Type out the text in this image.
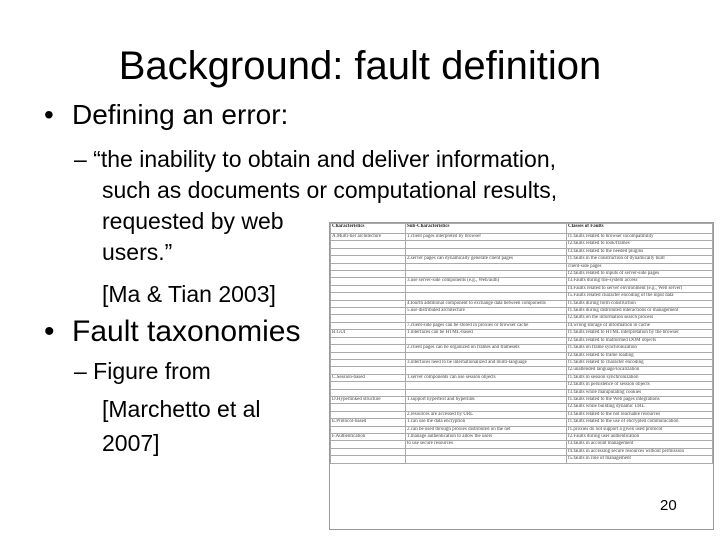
Background: fault definition
• Defining an error:
– “the inability to obtain and deliver information,
such as documents or computational results,
requested by web
users.”
[Ma & Tian 2003]
• Fault taxonomies
– Figure from
[Marchetto et al
2007]
Characteristics	Sub-Characteristics	Classes of Faults
A.Multi-tier architecture	1.client pages interpreted by browser	f1.faults related to browser incompatibility
		f2.faults related to look/frames
		f3.faults related to the needed plugins
	2.server pages can dynamically generate client pages	f1.faults in the construction of dynamically built
		client-side pages
		f2.faults related to inputs of server-side pages
	3.use server-side components (e.g., Web/auth)	f3.Faults during file-system access
		f4.Faults related to server environment (e.g., Web server)
		f5.Faults related character encoding of the input data
	4.fourth additional component to exchange data between components	f1.faults during form construction
	5.use distributed architecture	f1.faults during distributed interactions or management
		f2.faults on the information search process
	7.client-side pages can be stored in proxies or browser cache	f4.wrong storage of information in cache
B.GUI	1.interfaces can be HTML-based	f1.faults related to HTML interpretation by the browser
		f2.faults related to malformed DOM objects
	2.client pages can be organized on frames and framesets	f1.faults on frame synchronization
		f2.faults related to frame loading
	3.interfaces need to be internationalized and multi-language	f1.faults related to character encoding
		f2.unattended language/localization
C.Session-based	1.server components can use session objects	f1.faults in session synchronization
		f2.faults in persistence of session objects
		f3.faults while manipulating cookies
D.Hyperlinked structure	1.support hypertext and hyperlink	f1.faults related to the Web pages integrations
		f2.faults while building dynamic URL
	2.resources are accessed by URL	f3.faults related to the not reachable resources
E.Protocol-based	1.can use the data encryption	f1.faults related to the use of encrypted communication
	2.can be used through proxies distributed on the net	f1.proxies do not support a given used protocol
F.Authentication	1.manage authentication to allow the users	f2.Faults during user authentication
	to use secure resources	f3.faults in account management
		f4.faults in accessing secure resources without permission
		f5.faults in role of management
20
